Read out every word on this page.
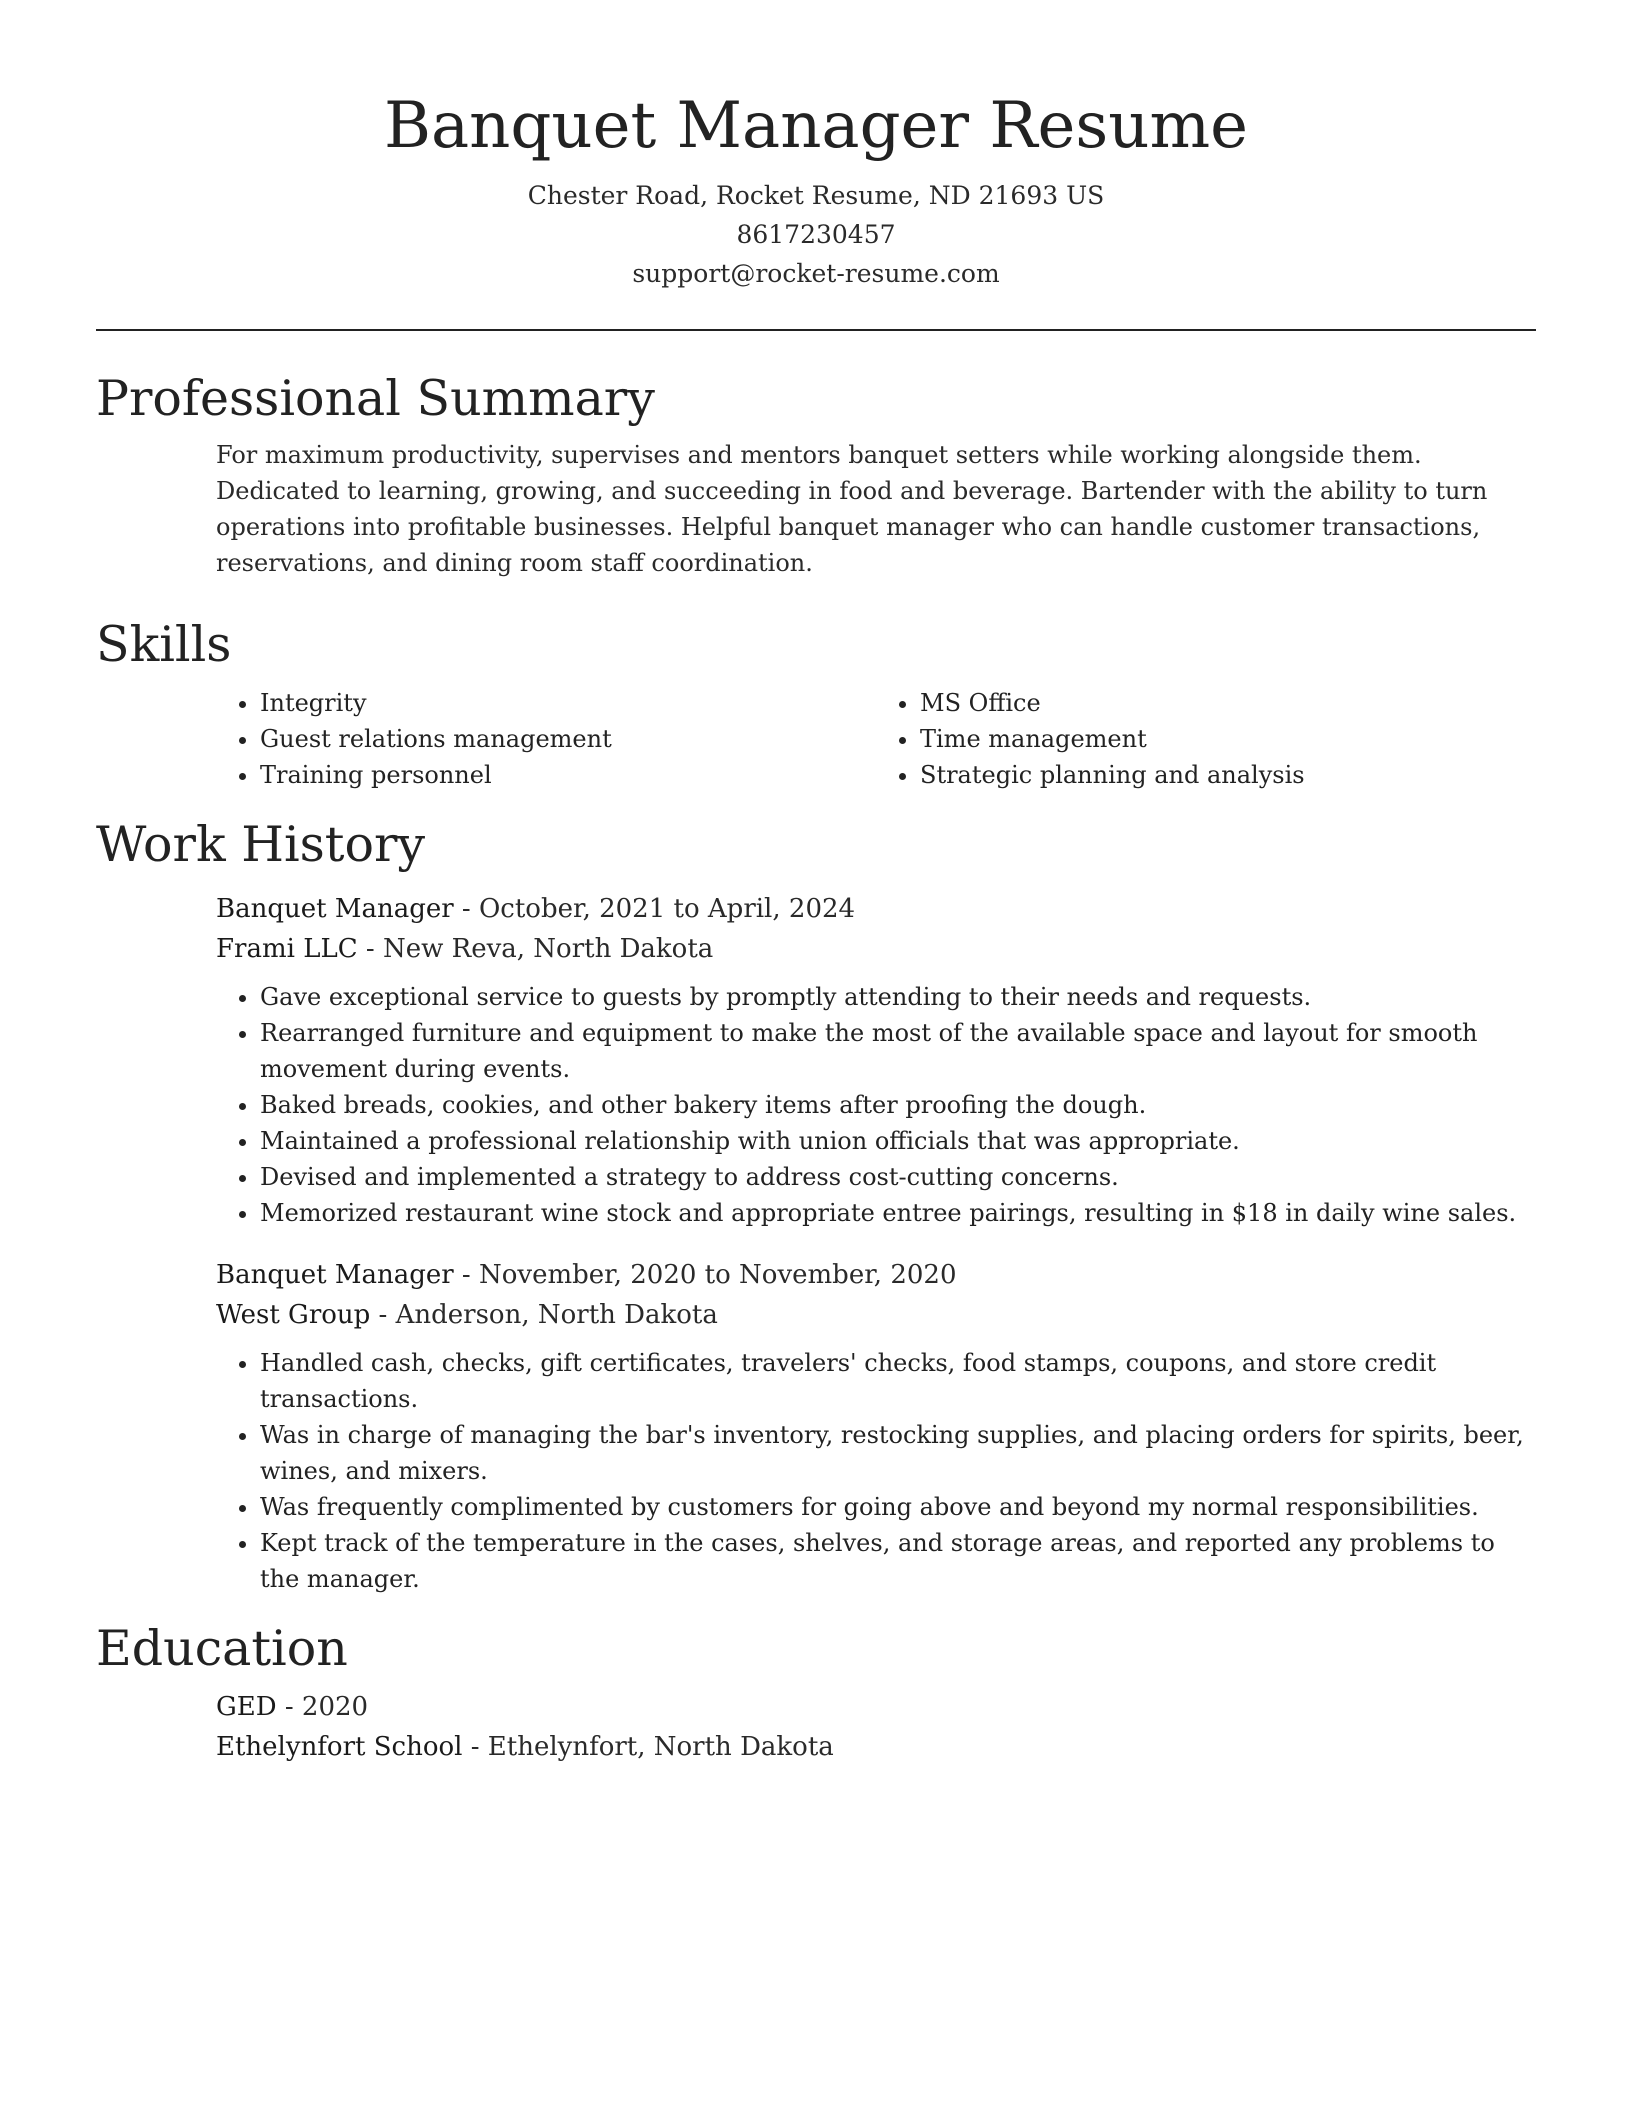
Banquet Manager Resume
Chester Road, Rocket Resume, ND 21693 US
8617230457
support@rocket-resume.com
Professional Summary
For maximum productivity, supervises and mentors banquet setters while working alongside them. Dedicated to learning, growing, and succeeding in food and beverage. Bartender with the ability to turn operations into profitable businesses. Helpful banquet manager who can handle customer transactions, reservations, and dining room staff coordination.
Skills
• Integrity
• Guest relations management
• Training personnel
• MS Office
• Time management
• Strategic planning and analysis
Work History
Banquet Manager - October, 2021 to April, 2024
Frami LLC - New Reva, North Dakota
• Gave exceptional service to guests by promptly attending to their needs and requests.
• Rearranged furniture and equipment to make the most of the available space and layout for smooth movement during events.
• Baked breads, cookies, and other bakery items after proofing the dough.
• Maintained a professional relationship with union officials that was appropriate.
• Devised and implemented a strategy to address cost-cutting concerns.
• Memorized restaurant wine stock and appropriate entree pairings, resulting in $18 in daily wine sales.
Banquet Manager - November, 2020 to November, 2020
West Group - Anderson, North Dakota
• Handled cash, checks, gift certificates, travelers' checks, food stamps, coupons, and store credit transactions.
• Was in charge of managing the bar's inventory, restocking supplies, and placing orders for spirits, beer, wines, and mixers.
• Was frequently complimented by customers for going above and beyond my normal responsibilities.
• Kept track of the temperature in the cases, shelves, and storage areas, and reported any problems to the manager.
Education
GED - 2020
Ethelynfort School - Ethelynfort, North Dakota
